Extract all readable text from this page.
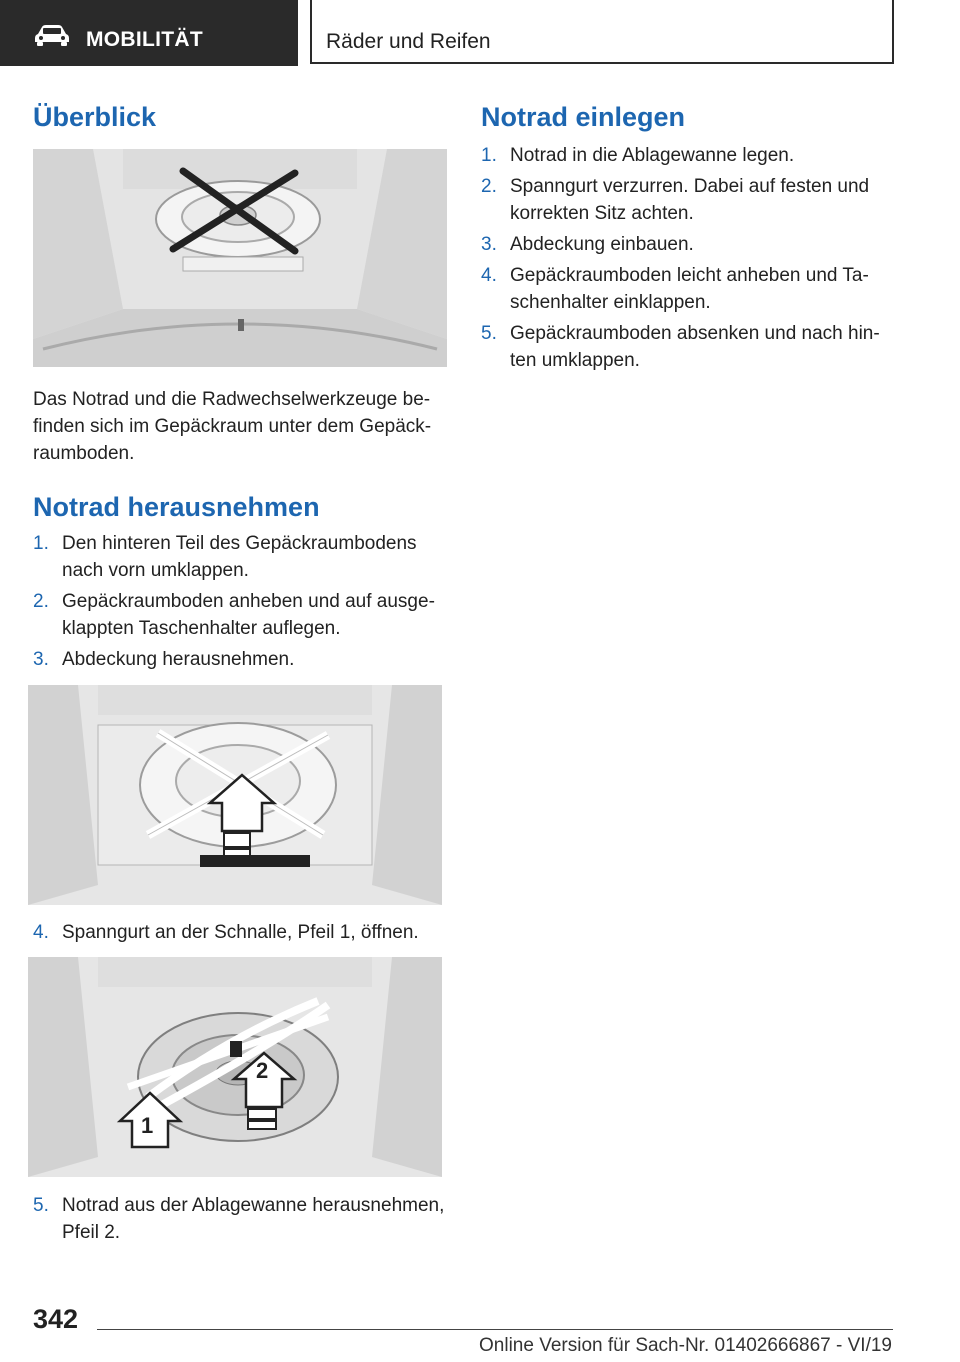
MOBILITÄT	Räder und Reifen
Überblick

Das Notrad und die Radwechselwerkzeuge be-
finden sich im Gepäckraum unter dem Gepäck-
raumboden.

Notrad herausnehmen
1. Den hinteren Teil des Gepäckraumbodens
nach vorn umklappen.
2. Gepäckraumboden anheben und auf ausge-
klappten Taschenhalter auflegen.
3. Abdeckung herausnehmen.
4. Spanngurt an der Schnalle, Pfeil 1, öffnen.
2
1
5. Notrad aus der Ablagewanne herausnehmen,
Pfeil 2.
Notrad einlegen
1. Notrad in die Ablagewanne legen.
2. Spanngurt verzurren. Dabei auf festen und
korrekten Sitz achten.
3. Abdeckung einbauen.
4. Gepäckraumboden leicht anheben und Ta-
schenhalter einklappen.
5. Gepäckraumboden absenken und nach hin-
ten umklappen.
342
Online Version für Sach-Nr. 01402666867 - VI/19
